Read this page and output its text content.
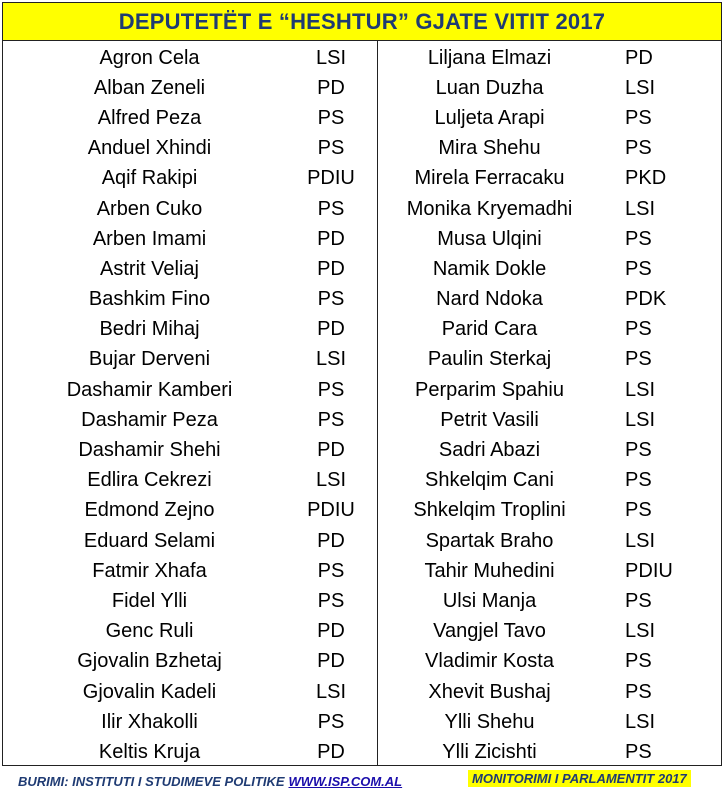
DEPUTETËT E “HESHTUR” GJATE VITIT 2017
Agron Cela	LSI
Alban Zeneli	PD
Alfred Peza	PS
Anduel Xhindi	PS
Aqif Rakipi	PDIU
Arben Cuko	PS
Arben Imami	PD
Astrit Veliaj	PD
Bashkim Fino	PS
Bedri Mihaj	PD
Bujar Derveni	LSI
Dashamir Kamberi	PS
Dashamir Peza	PS
Dashamir Shehi	PD
Edlira Cekrezi	LSI
Edmond Zejno	PDIU
Eduard Selami	PD
Fatmir Xhafa	PS
Fidel Ylli	PS
Genc Ruli	PD
Gjovalin Bzhetaj	PD
Gjovalin Kadeli	LSI
Ilir Xhakolli	PS
Keltis Kruja	PD
Liljana Elmazi	PD
Luan Duzha	LSI
Luljeta Arapi	PS
Mira Shehu	PS
Mirela Ferracaku	PKD
Monika Kryemadhi	LSI
Musa Ulqini	PS
Namik Dokle	PS
Nard Ndoka	PDK
Parid Cara	PS
Paulin Sterkaj	PS
Perparim Spahiu	LSI
Petrit Vasili	LSI
Sadri Abazi	PS
Shkelqim Cani	PS
Shkelqim Troplini	PS
Spartak Braho	LSI
Tahir Muhedini	PDIU
Ulsi Manja	PS
Vangjel Tavo	LSI
Vladimir Kosta	PS
Xhevit Bushaj	PS
Ylli Shehu	LSI
Ylli Zicishti	PS
BURIMI: INSTITUTI I STUDIMEVE POLITIKE WWW.ISP.COM.AL	MONITORIMI I PARLAMENTIT 2017
